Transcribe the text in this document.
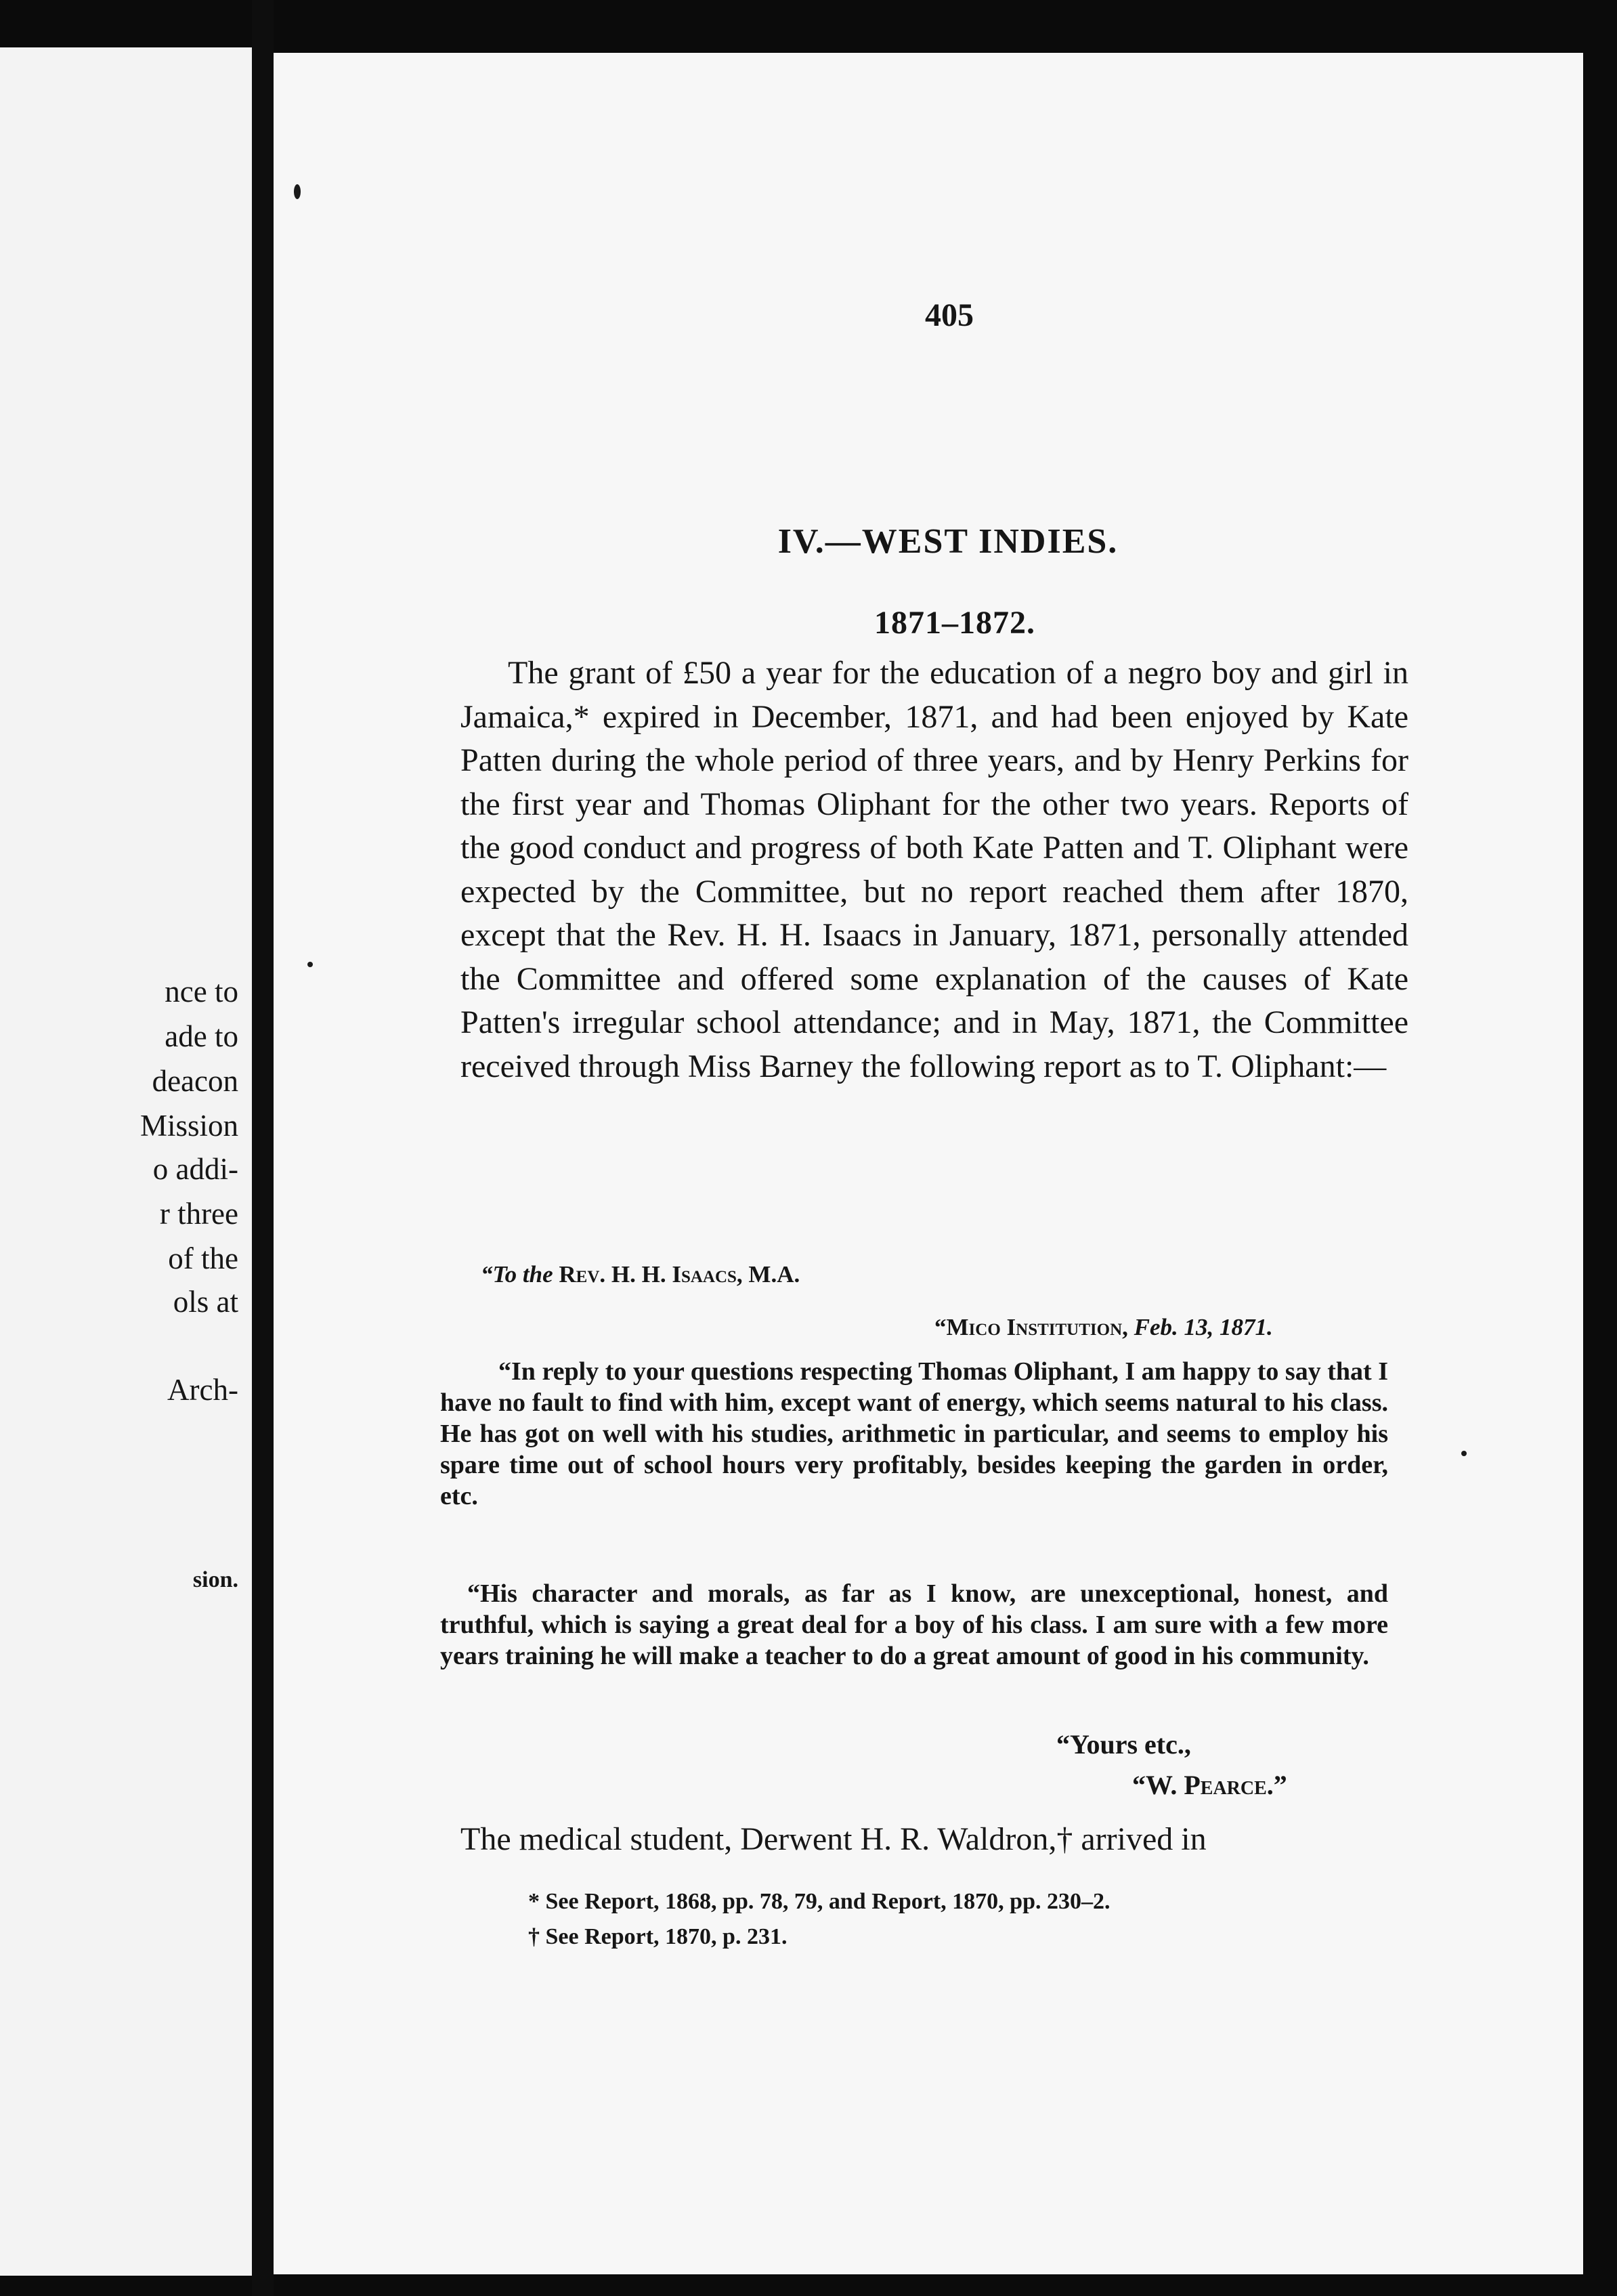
nce to
ade to
deacon
Mission
o addi-
r three
of the
ols at
Arch-
sion.
405
IV.—WEST INDIES.
1871–1872.
The grant of £50 a year for the education of a negro boy and girl in Jamaica,* expired in December, 1871, and had been enjoyed by Kate Patten during the whole period of three years, and by Henry Perkins for the first year and Thomas Oliphant for the other two years. Reports of the good conduct and progress of both Kate Patten and T. Oliphant were expected by the Committee, but no report reached them after 1870, except that the Rev. H. H. Isaacs in January, 1871, personally attended the Committee and offered some explanation of the causes of Kate Patten's irregular school attendance; and in May, 1871, the Committee received through Miss Barney the following report as to T. Oliphant:—
“To the Rev. H. H. Isaacs, M.A.
“Mico Institution, Feb. 13, 1871.
“In reply to your questions respecting Thomas Oliphant, I am happy to say that I have no fault to find with him, except want of energy, which seems natural to his class. He has got on well with his studies, arithmetic in particular, and seems to employ his spare time out of school hours very profitably, besides keeping the garden in order, etc.
“His character and morals, as far as I know, are unexceptional, honest, and truthful, which is saying a great deal for a boy of his class. I am sure with a few more years training he will make a teacher to do a great amount of good in his community.
“Yours etc.,
“W. Pearce.”
The medical student, Derwent H. R. Waldron,† arrived in
* See Report, 1868, pp. 78, 79, and Report, 1870, pp. 230–2.
† See Report, 1870, p. 231.
